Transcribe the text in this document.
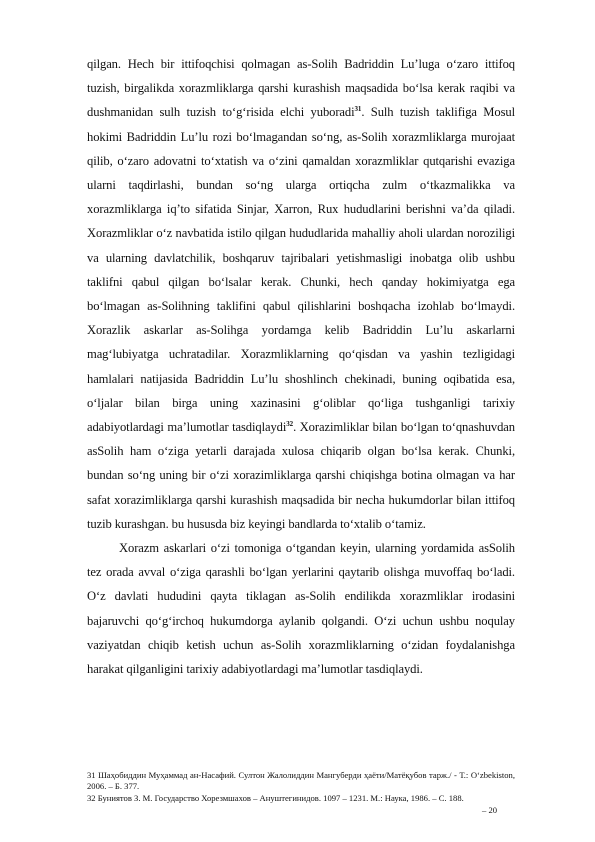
qilgan. Hech bir ittifoqchisi qolmagan as-Solih Badriddin Lu’luga o‘zaro ittifoq tuzish, birgalikda xorazmliklarga qarshi kurashish maqsadida bo‘lsa kerak raqibi va dushmanidan sulh tuzish to‘g‘risida elchi yuboradi$^{31}$. Sulh tuzish taklifiga Mosul hokimi Badriddin Lu’lu rozi bo‘lmagandan so‘ng, as-Solih xorazmliklarga murojaat qilib, o‘zaro adovatni to‘xtatish va o‘zini qamaldan xorazmliklar qutqarishi evaziga ularni taqdirlashi, bundan so‘ng ularga ortiqcha zulm o‘tkazmalikka va xorazmliklarga iq’to sifatida Sinjar, Xarron, Rux hududlarini berishni va’da qiladi. Xorazmliklar o‘z navbatida istilo qilgan hududlarida mahalliy aholi ulardan noroziligi va ularning davlatchilik, boshqaruv tajribalari yetishmasligi inobatga olib ushbu taklifni qabul qilgan bo‘lsalar kerak. Chunki, hech qanday hokimiyatga ega bo‘lmagan as-Solihning taklifini qabul qilishlarini boshqacha izohlab bo‘lmaydi. Xorazlik askarlar as-Solihga yordamga kelib Badriddin Lu’lu askarlarni mag‘lubiyatga uchratadilar. Xorazmliklarning qo‘qisdan va yashin tezligidagi hamlalari natijasida Badriddin Lu’lu shoshlinch chekinadi, buning oqibatida esa, o‘ljalar bilan birga uning xazinasini g‘oliblar qo‘liga tushganligi tarixiy adabiyotlardagi ma’lumotlar tasdiqlaydi$^{32}$. Xorazimliklar bilan bo‘lgan to‘qnashuvdan asSolih ham o‘ziga yetarli darajada xulosa chiqarib olgan bo‘lsa kerak. Chunki, bundan so‘ng uning bir o‘zi xorazimliklarga qarshi chiqishga botina olmagan va har safat xorazimliklarga qarshi kurashish maqsadida bir necha hukumdorlar bilan ittifoq tuzib kurashgan. bu hususda biz keyingi bandlarda to‘xtalib o‘tamiz.

Xorazm askarlari o‘zi tomoniga o‘tgandan keyin, ularning yordamida asSolih tez orada avval o‘ziga qarashli bo‘lgan yerlarini qaytarib olishga muvoffaq bo‘ladi. O‘z davlati hududini qayta tiklagan as-Solih endilikda xorazmliklar irodasini bajaruvchi qo‘g‘irchoq hukumdorga aylanib qolgandi. O‘zi uchun ushbu noqulay vaziyatdan chiqib ketish uchun as-Solih xorazmliklarning o‘zidan foydalanishga harakat qilganligini tarixiy adabiyotlardagi ma’lumotlar tasdiqlaydi.

31 Шаҳобиддин Муҳаммад ан-Насафий. Султон Жалолиддин Мангуберди ҳаёти/Матёқубов тарж./ - Т.: O‘zbekiston, 2006. – Б. 377.

32 Буниятов З. М. Государство Хорезмшахов – Ануштегинидов. 1097 – 1231. М.: Наука, 1986. – С. 188.

– 20
